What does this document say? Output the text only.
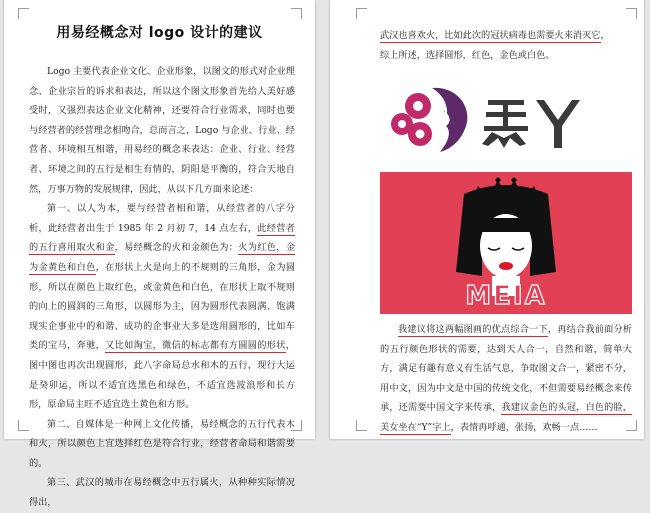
用易经概念对 logo 设计的建议

Logo 主要代表企业文化、企业形象，以图文的形式对企业理念、企业宗旨的诉求和表达，所以这个图文形象首先给人美好感受时，又强烈表达企业文化精神，还要符合行业需求，同时也要与经营者的经营理念相吻合，总而言之，Logo 与企业、行业、经营者、环境相互相谐，用易经的概念来表达：企业、行业、经营者、环境之间的五行是相生有情的，阴阳是平衡的，符合天地自然，万事万物的发展规律，因此，从以下几方面来论述：

第一、以人为本，要与经营者相和谐，从经营者的八字分析，此经营者出生于 1985 年 2 月初 7，14 点左右，此经营者的五行喜用取火和金，易经概念的火和金颜色为：火为红色，金为金黄色和白色，在形状上火是向上的不规则的三角形，金为圆形，所以在颜色上取红色，或金黄色和白色，在形状上取不规则的向上的圆润的三角形，以圆形为主，因为圆形代表圆满、饱满现实企事业中的和谐、成功的企事业大多是选用圆形的，比如车类的宝马，奔驰，又比如淘宝，微信的标志都有方圆圆的形状，图中图也再次出现圆形，此八字命局总水和木的五行，现行大运是癸卯运，所以不适宜选黑色和绿色，不适宜选波浪形和长方形，原命局主旺不适宜选土黄色和方形。

第二、自媒体是一种网上文化传播，易经概念的五行代表木和火，所以颜色上宜选择红色是符合行业，经营者命局和谐需要的。

第三、武汉的城市在易经概念中五行属火，从种种实际情况得出，

武汉也喜欢火，比如此次的冠状病毒也需要火来消灭它，

综上所述，选择圆形，红色，金色或白色。

MEIA

我建议将这两幅图画的优点综合一下，再结合我前面分析的五行颜色形状的需要，达到天人合一，自然和谐，简单大方，满足有趣有意义有生活气息，争取图文合一，紧密不分，用中文，因为中文是中国的传统文化，不但需要易经概念来传承，还需要中国文字来传承，我建议金色的头冠，白色的脸，美女坐在“Y”字上，表情再呼通，张扬，欢畅一点……
